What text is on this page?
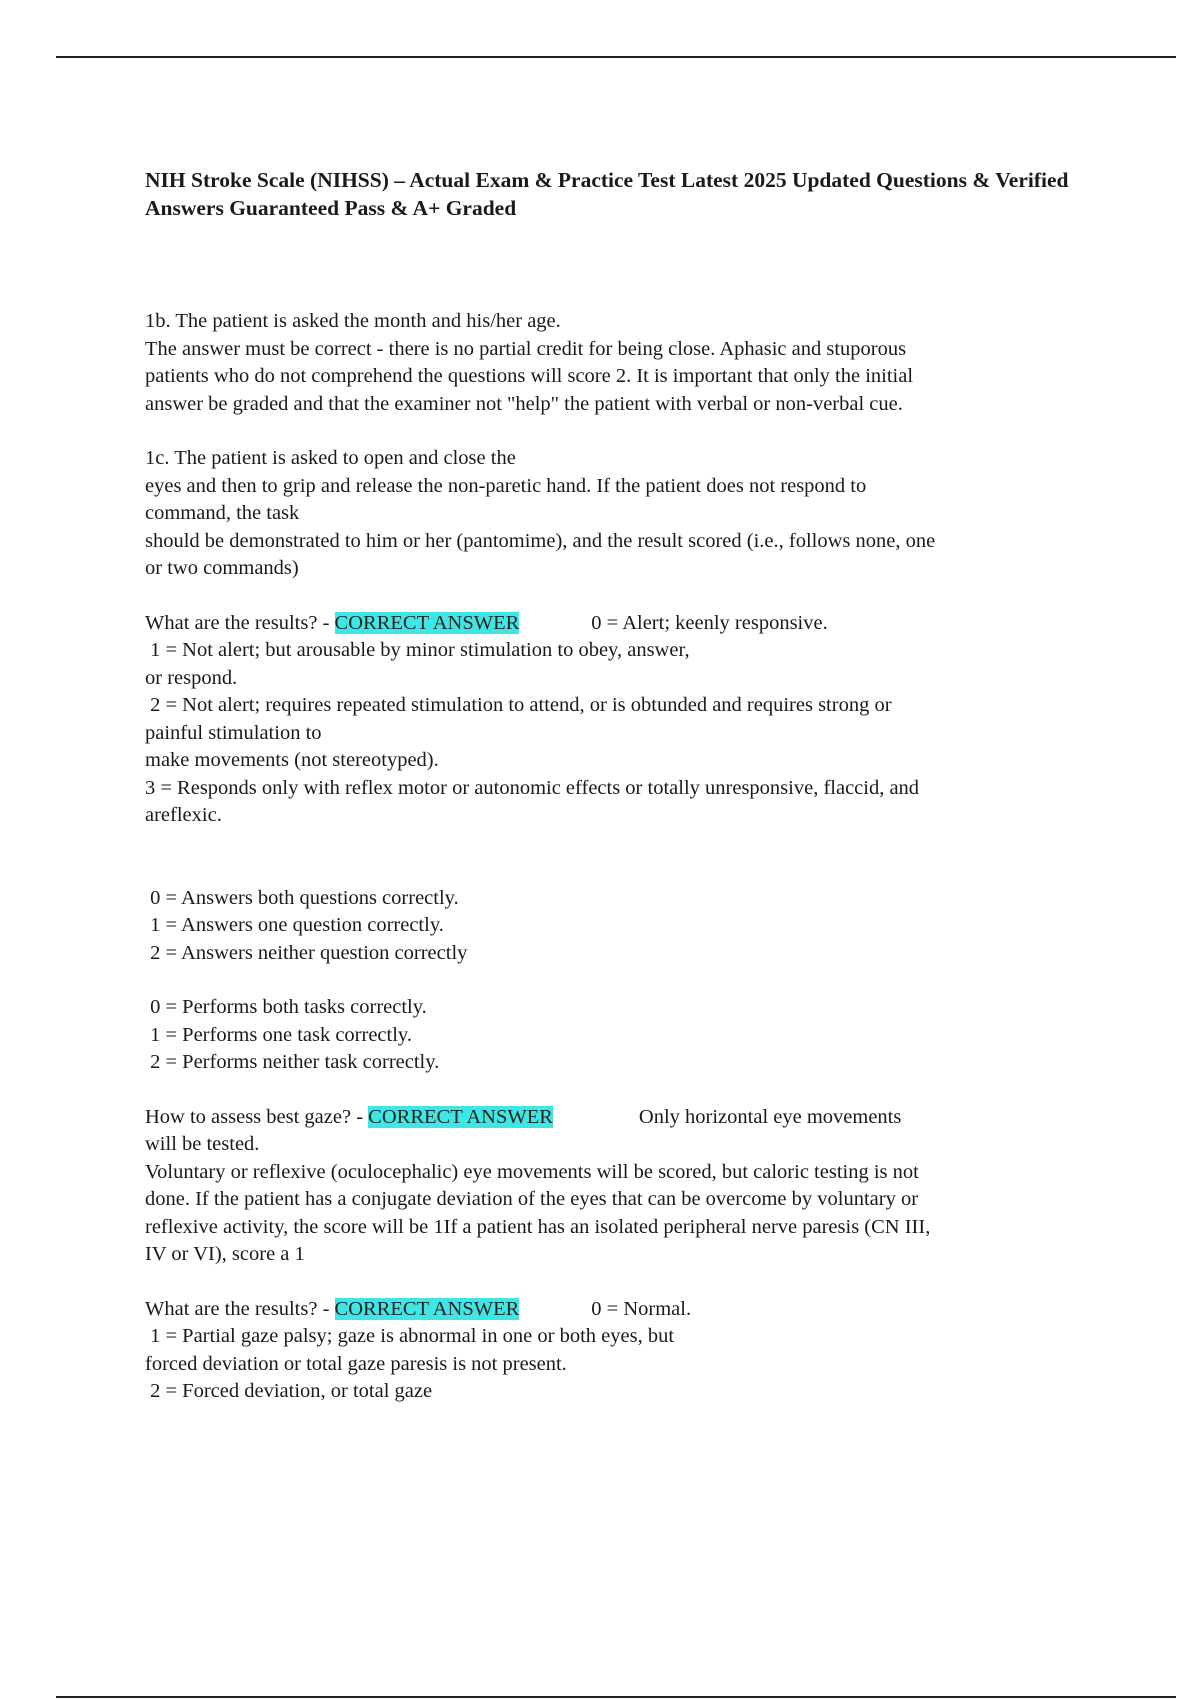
NIH Stroke Scale (NIHSS) – Actual Exam & Practice Test Latest 2025 Updated Questions & Verified Answers Guaranteed Pass & A+ Graded

1b. The patient is asked the month and his/her age.
The answer must be correct - there is no partial credit for being close. Aphasic and stuporous
patients who do not comprehend the questions will score 2. It is important that only the initial
answer be graded and that the examiner not "help" the patient with verbal or non-verbal cue.

1c. The patient is asked to open and close the
eyes and then to grip and release the non-paretic hand. If the patient does not respond to
command, the task
should be demonstrated to him or her (pantomime), and the result scored (i.e., follows none, one
or two commands)

What are the results? - CORRECT ANSWER	0 = Alert; keenly responsive.
1 = Not alert; but arousable by minor stimulation to obey, answer,
or respond.
2 = Not alert; requires repeated stimulation to attend, or is obtunded and requires strong or
painful stimulation to
make movements (not stereotyped).
3 = Responds only with reflex motor or autonomic effects or totally unresponsive, flaccid, and
areflexic.

0 = Answers both questions correctly.
1 = Answers one question correctly.
2 = Answers neither question correctly

0 = Performs both tasks correctly.
1 = Performs one task correctly.
2 = Performs neither task correctly.

How to assess best gaze? - CORRECT ANSWER	Only horizontal eye movements
will be tested.
Voluntary or reflexive (oculocephalic) eye movements will be scored, but caloric testing is not
done. If the patient has a conjugate deviation of the eyes that can be overcome by voluntary or
reflexive activity, the score will be 1If a patient has an isolated peripheral nerve paresis (CN III,
IV or VI), score a 1

What are the results? - CORRECT ANSWER	0 = Normal.
1 = Partial gaze palsy; gaze is abnormal in one or both eyes, but
forced deviation or total gaze paresis is not present.
2 = Forced deviation, or total gaze
